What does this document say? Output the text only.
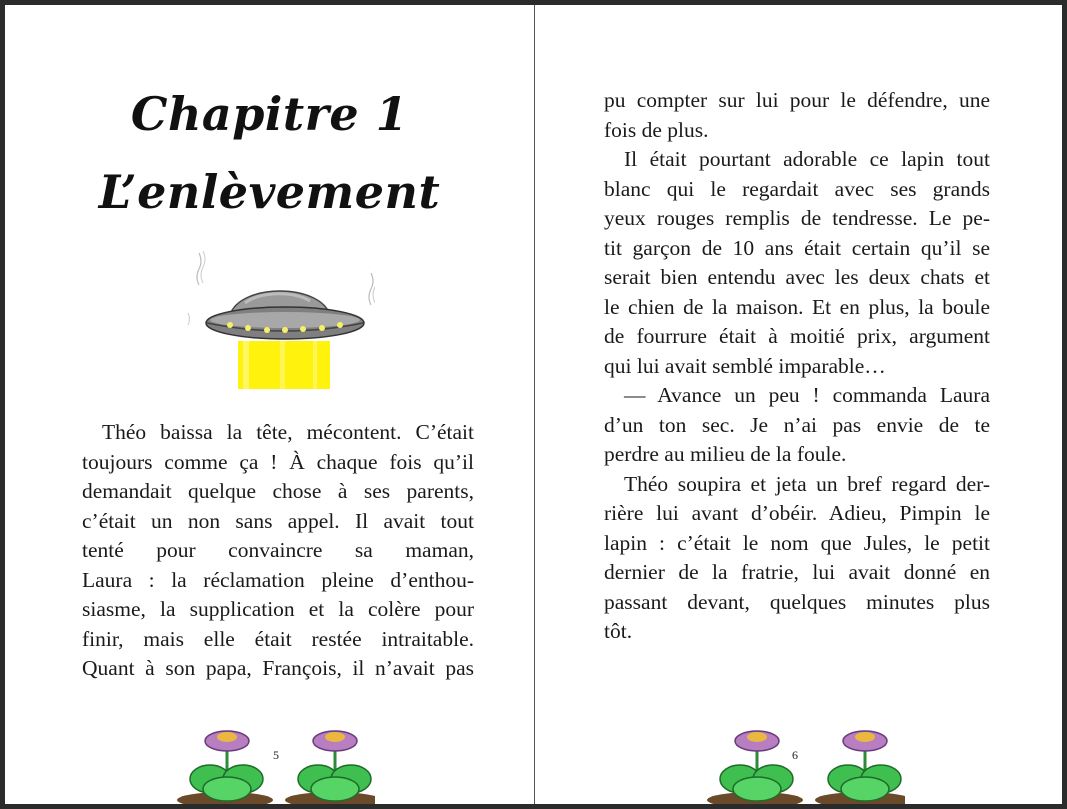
Chapitre 1
L’enlèvement

Théo baissa la tête, mécontent. C’était

toujours comme ça ! À chaque fois qu’il

demandait quelque chose à ses parents,

c’était un non sans appel. Il avait tout

tenté pour convaincre sa maman,

Laura : la réclamation pleine d’enthou-

siasme, la supplication et la colère pour

finir, mais elle était restée intraitable.

Quant à son papa, François, il n’avait pas

5

pu compter sur lui pour le défendre, une

fois de plus.

Il était pourtant adorable ce lapin tout

blanc qui le regardait avec ses grands

yeux rouges remplis de tendresse. Le pe-

tit garçon de 10 ans était certain qu’il se

serait bien entendu avec les deux chats et

le chien de la maison. Et en plus, la boule

de fourrure était à moitié prix, argument

qui lui avait semblé imparable…

— Avance un peu ! commanda Laura

d’un ton sec. Je n’ai pas envie de te

perdre au milieu de la foule.

Théo soupira et jeta un bref regard der-

rière lui avant d’obéir. Adieu, Pimpin le

lapin : c’était le nom que Jules, le petit

dernier de la fratrie, lui avait donné en

passant devant, quelques minutes plus

tôt.

6
